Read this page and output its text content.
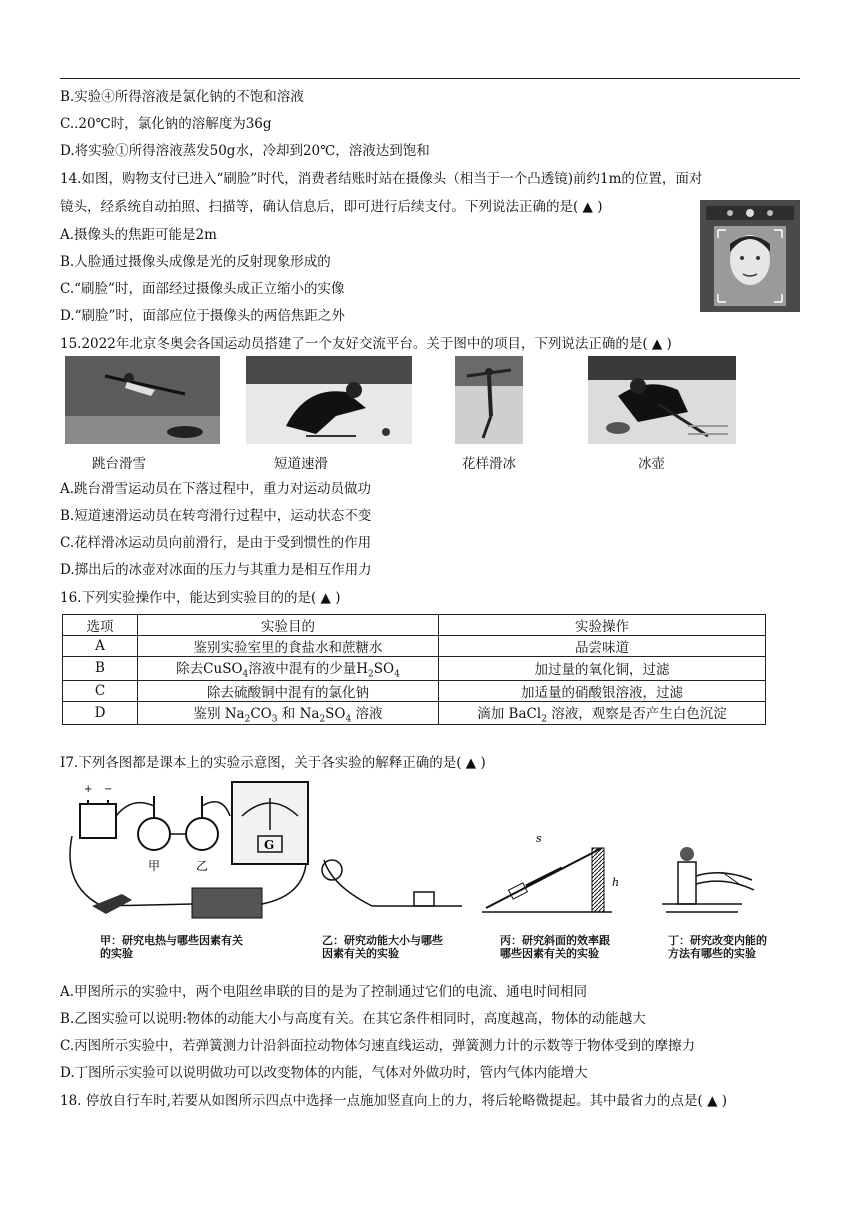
B.实验④所得溶液是氯化钠的不饱和溶液
C..20℃时，氯化钠的溶解度为36g
D.将实验①所得溶液蒸发50g水，冷却到20℃，溶液达到饱和
14.如图，购物支付已进入“刷脸”时代，消费者结账时站在摄像头（相当于一个凸透镜)前约1m的位置，面对
镜头，经系统自动拍照、扫描等，确认信息后，即可进行后续支付。下列说法正确的是( ▲ )
A.摄像头的焦距可能是2m
B.人脸通过摄像头成像是光的反射现象形成的
C.“刷脸”时，面部经过摄像头成正立缩小的实像
D.“刷脸”时，面部应位于摄像头的两倍焦距之外
15.2022年北京冬奥会各国运动员搭建了一个友好交流平台。关于图中的项目，下列说法正确的是( ▲ )
跳台滑雪	短道速滑	花样滑冰	冰壶
A.跳台滑雪运动员在下落过程中，重力对运动员做功
B.短道速滑运动员在转弯滑行过程中，运动状态不变
C.花样滑冰运动员向前滑行，是由于受到惯性的作用
D.掷出后的冰壶对冰面的压力与其重力是相互作用力
16.下列实验操作中，能达到实验目的的是( ▲ )
选项	实验目的	实验操作
A	鉴别实验室里的食盐水和蔗糖水	品尝味道
B	除去CuSO$_4$溶液中混有的少量$H_2SO_4$	加过量的氧化铜，过滤
C	除去硫酸铜中混有的氯化钠	加适量的硝酸银溶液，过滤
D	鉴别 $Na_2CO_3$ 和 $Na_2SO_4$ 溶液	滴加 BaCl$_2$ 溶液，观察是否产生白色沉淀
I7.下列各图都是课本上的实验示意图，关于各实验的解释正确的是( ▲ )
+ −
G
甲	乙
s
h
甲：研究电热与哪些因素有关的实验
乙：研究动能大小与哪些因素有关的实验
丙：研究斜面的效率跟哪些因素有关的实验
丁：研究改变内能的方法有哪些的实验
A.甲图所示的实验中，两个电阻丝串联的目的是为了控制通过它们的电流、通电时间相同
B.乙图实验可以说明:物体的动能大小与高度有关。在其它条件相同时，高度越高，物体的动能越大
C.丙图所示实验中，若弹簧测力计沿斜面拉动物体匀速直线运动，弹簧测力计的示数等于物体受到的摩擦力
D.丁图所示实验可以说明做功可以改变物体的内能，气体对外做功时，管内气体内能增大
18. 停放自行车时,若要从如图所示四点中选择一点施加竖直向上的力，将后轮略微提起。其中最省力的点是( ▲ )
